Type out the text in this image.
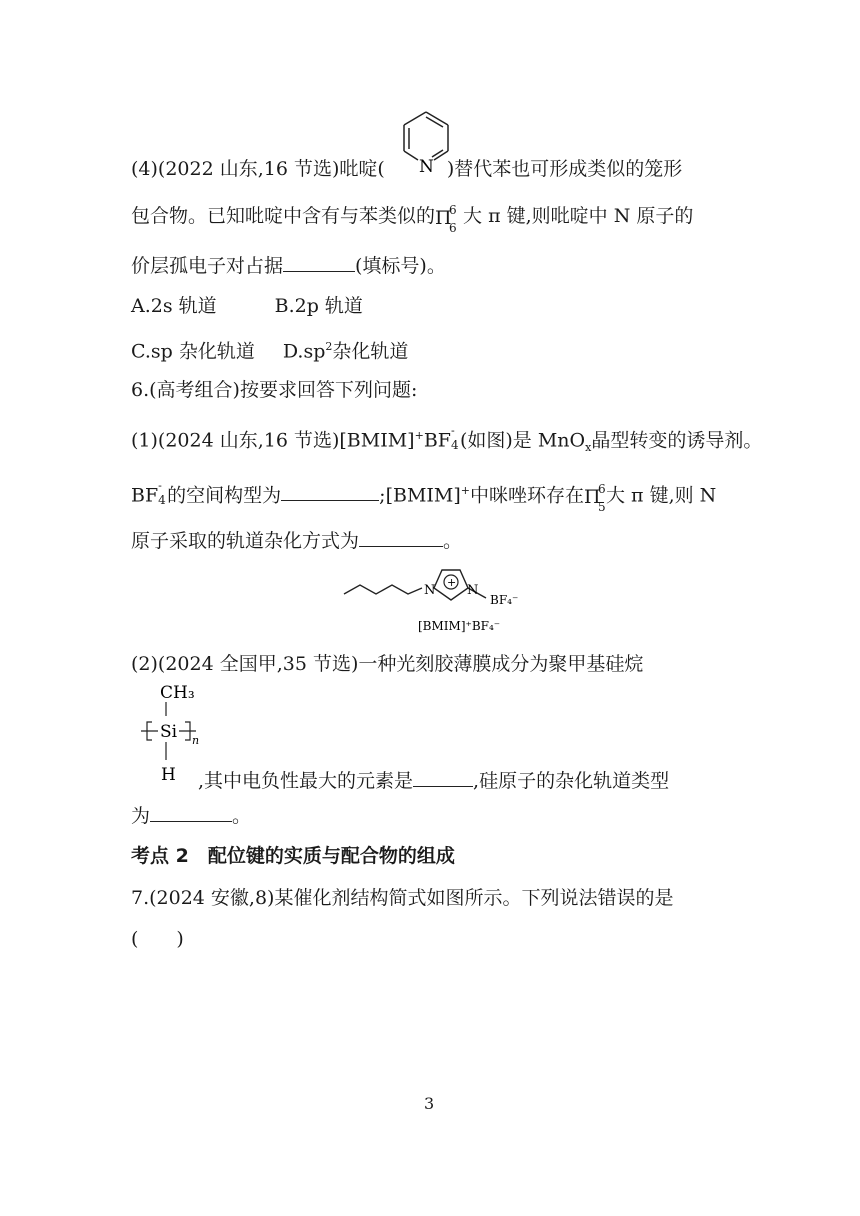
(4)(2022 山东,16 节选)吡啶(	)替代苯也可形成类似的笼形
N
包合物。已知吡啶中含有与苯类似的 Π
6
6
大 π 键,则吡啶中 N 原子的
价层孤电子对占据	(填标号)。
A.2s 轨道	B.2p 轨道
C.sp 杂化轨道 $D.sp^2$杂化轨道
6.(高考组合)按要求回答下列问题:
(1)(2024 山东,16 节选)[BMIM]+BF -
4 (如图)是 MnO$_x$晶型转变的诱导剂。
BF -
4 的空间构型为	;[BMIM]+中咪唑环存在 Π
6
5
大 π 键,则 N
原子采取的轨道杂化方式为	。
+
N N
BF₄⁻
[BMIM]⁺BF₄⁻
(2)(2024 全国甲,35 节选)一种光刻胶薄膜成分为聚甲基硅烷
CH₃
Si n
H ,其中电负性最大的元素是	,硅原子的杂化轨道类型
为	。
考点 2　配位键的实质与配合物的组成
7.(2024 安徽,8)某催化剂结构简式如图所示。下列说法错误的是
(　　)
3
